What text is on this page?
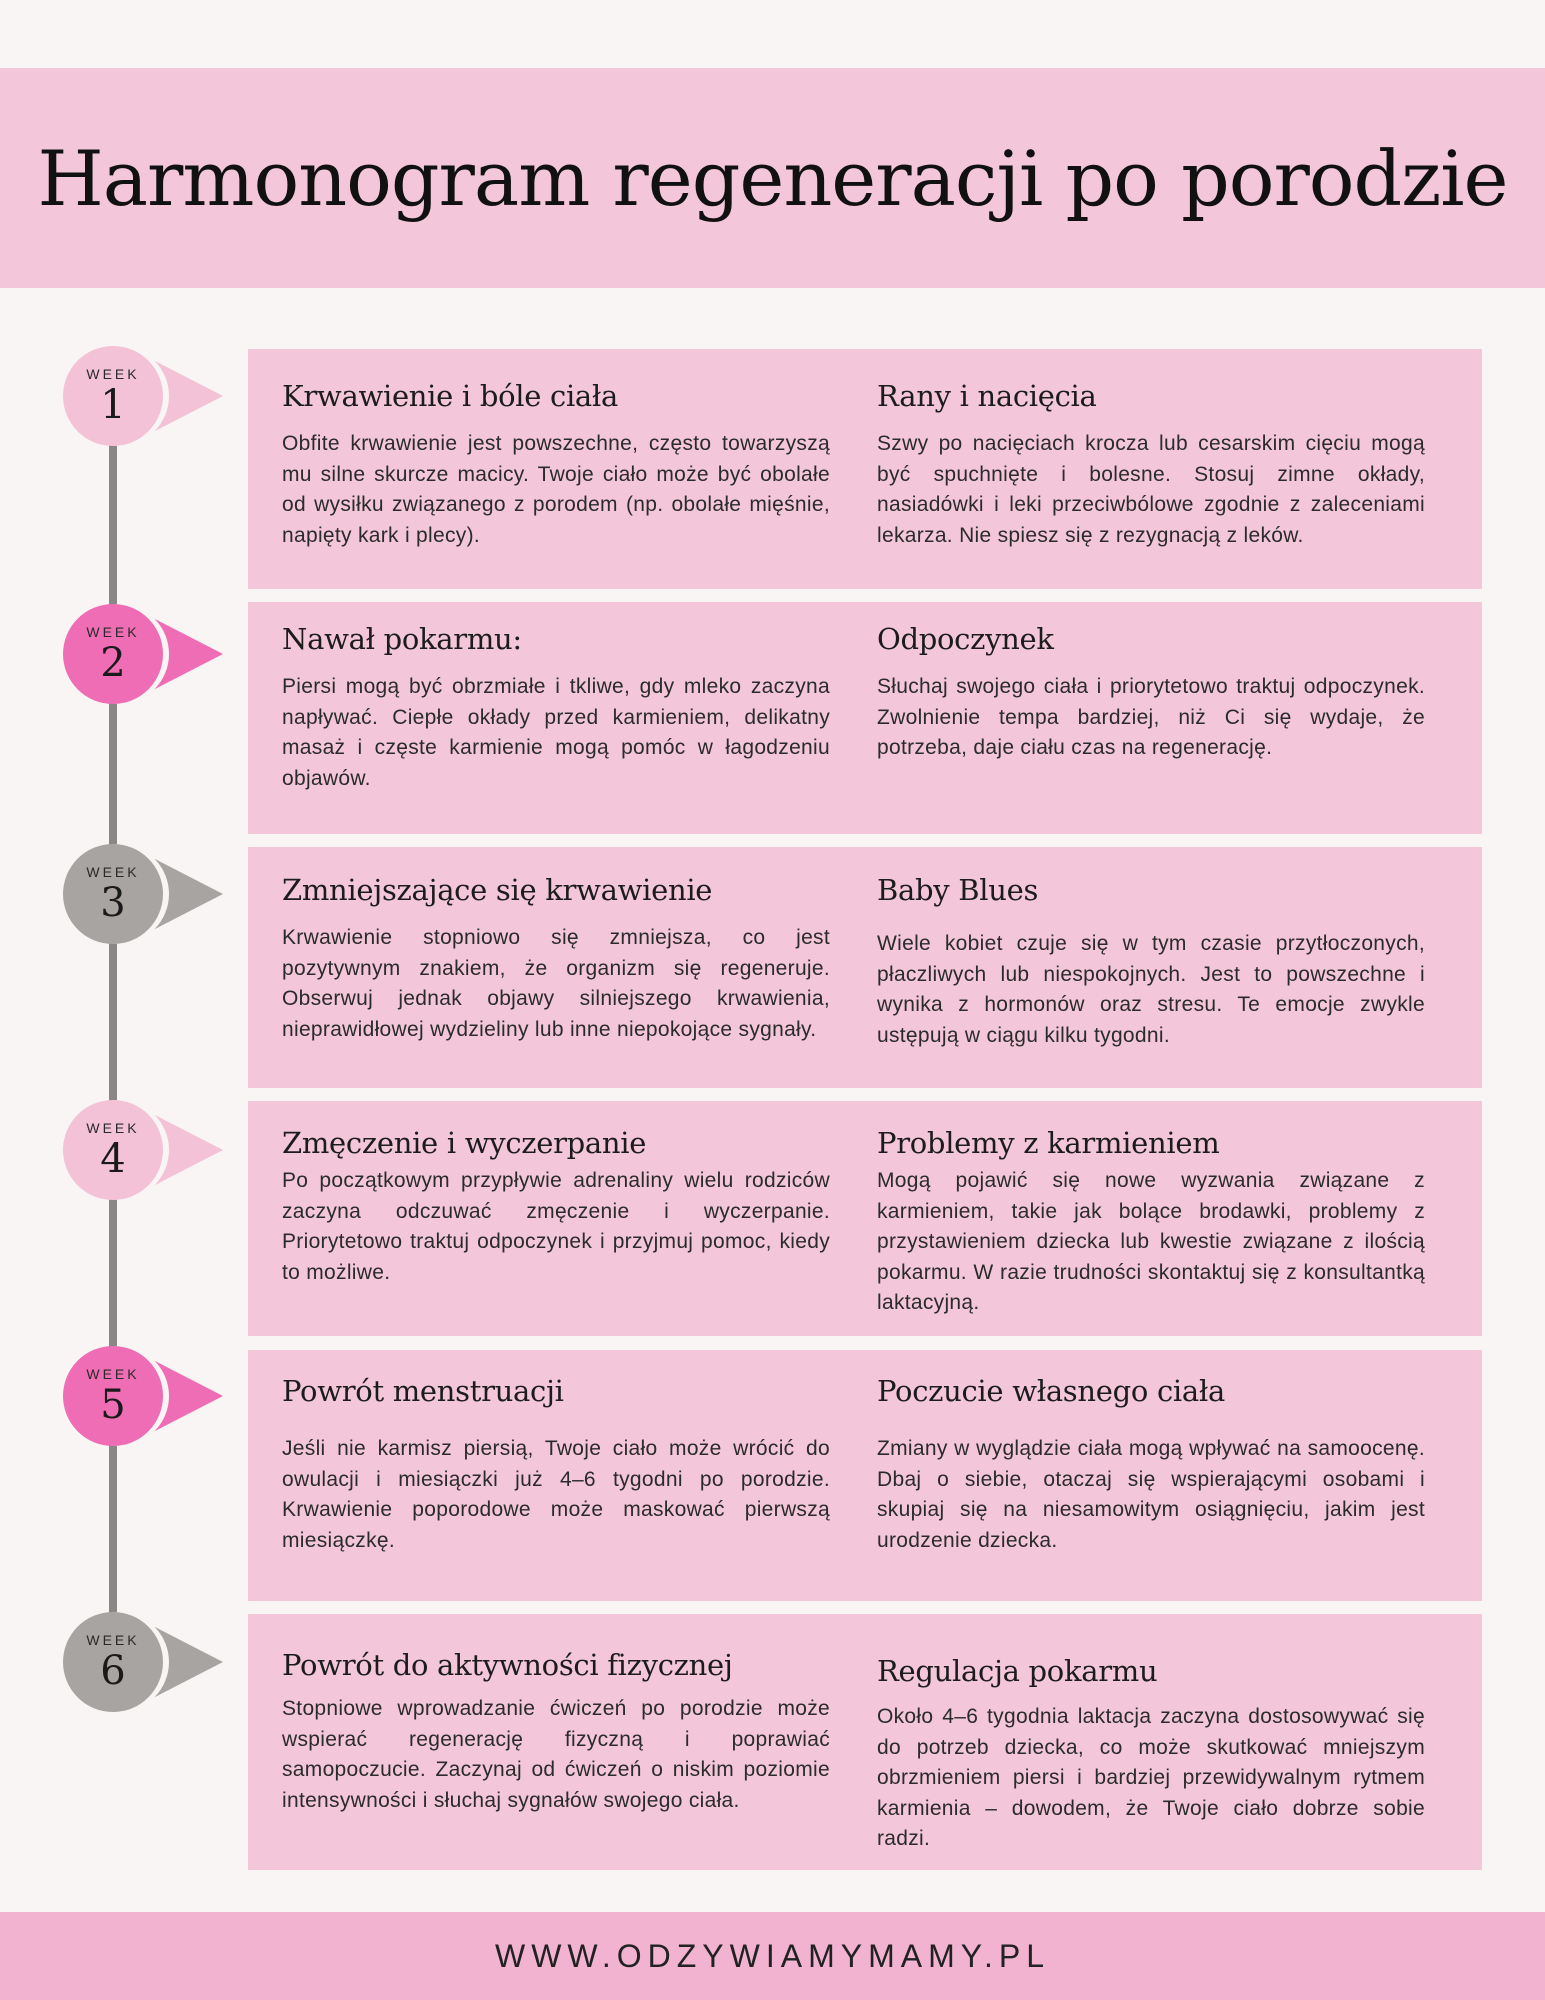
Harmonogram regeneracji po porodzie
WEEK
1
WEEK
2
WEEK
3
WEEK
4
WEEK
5
WEEK
6
Krwawienie i bóle ciała

Obfite krwawienie jest powszechne, często towarzyszą mu silne skurcze macicy. Twoje ciało może być obolałe od wysiłku związanego z porodem (np. obolałe mięśnie, napięty kark i plecy).

Rany i nacięcia

Szwy po nacięciach krocza lub cesarskim cięciu mogą być spuchnięte i bolesne. Stosuj zimne okłady, nasiadówki i leki przeciwbólowe zgodnie z zaleceniami lekarza. Nie spiesz się z rezygnacją z leków.

Nawał pokarmu:

Piersi mogą być obrzmiałe i tkliwe, gdy mleko zaczyna napływać. Ciepłe okłady przed karmieniem, delikatny masaż i częste karmienie mogą pomóc w łagodzeniu objawów.

Odpoczynek

Słuchaj swojego ciała i priorytetowo traktuj odpoczynek. Zwolnienie tempa bardziej, niż Ci się wydaje, że potrzeba, daje ciału czas na regenerację.

Zmniejszające się krwawienie

Krwawienie stopniowo się zmniejsza, co jest pozytywnym znakiem, że organizm się regeneruje. Obserwuj jednak objawy silniejszego krwawienia, nieprawidłowej wydzieliny lub inne niepokojące sygnały.

Baby Blues

Wiele kobiet czuje się w tym czasie przytłoczonych, płaczliwych lub niespokojnych. Jest to powszechne i wynika z hormonów oraz stresu. Te emocje zwykle ustępują w ciągu kilku tygodni.

Zmęczenie i wyczerpanie

Po początkowym przypływie adrenaliny wielu rodziców zaczyna odczuwać zmęczenie i wyczerpanie. Priorytetowo traktuj odpoczynek i przyjmuj pomoc, kiedy to możliwe.

Problemy z karmieniem

Mogą pojawić się nowe wyzwania związane z karmieniem, takie jak bolące brodawki, problemy z przystawieniem dziecka lub kwestie związane z ilością pokarmu. W razie trudności skontaktuj się z konsultantką laktacyjną.

Powrót menstruacji

Jeśli nie karmisz piersią, Twoje ciało może wrócić do owulacji i miesiączki już 4–6 tygodni po porodzie. Krwawienie poporodowe może maskować pierwszą miesiączkę.

Poczucie własnego ciała

Zmiany w wyglądzie ciała mogą wpływać na samoocenę. Dbaj o siebie, otaczaj się wspierającymi osobami i skupiaj się na niesamowitym osiągnięciu, jakim jest urodzenie dziecka.

Powrót do aktywności fizycznej

Stopniowe wprowadzanie ćwiczeń po porodzie może wspierać regenerację fizyczną i poprawiać samopoczucie. Zaczynaj od ćwiczeń o niskim poziomie intensywności i słuchaj sygnałów swojego ciała.

Regulacja pokarmu

Około 4–6 tygodnia laktacja zaczyna dostosowywać się do potrzeb dziecka, co może skutkować mniejszym obrzmieniem piersi i bardziej przewidywalnym rytmem karmienia – dowodem, że Twoje ciało dobrze sobie radzi.

WWW.ODZYWIAMYMAMY.PL
